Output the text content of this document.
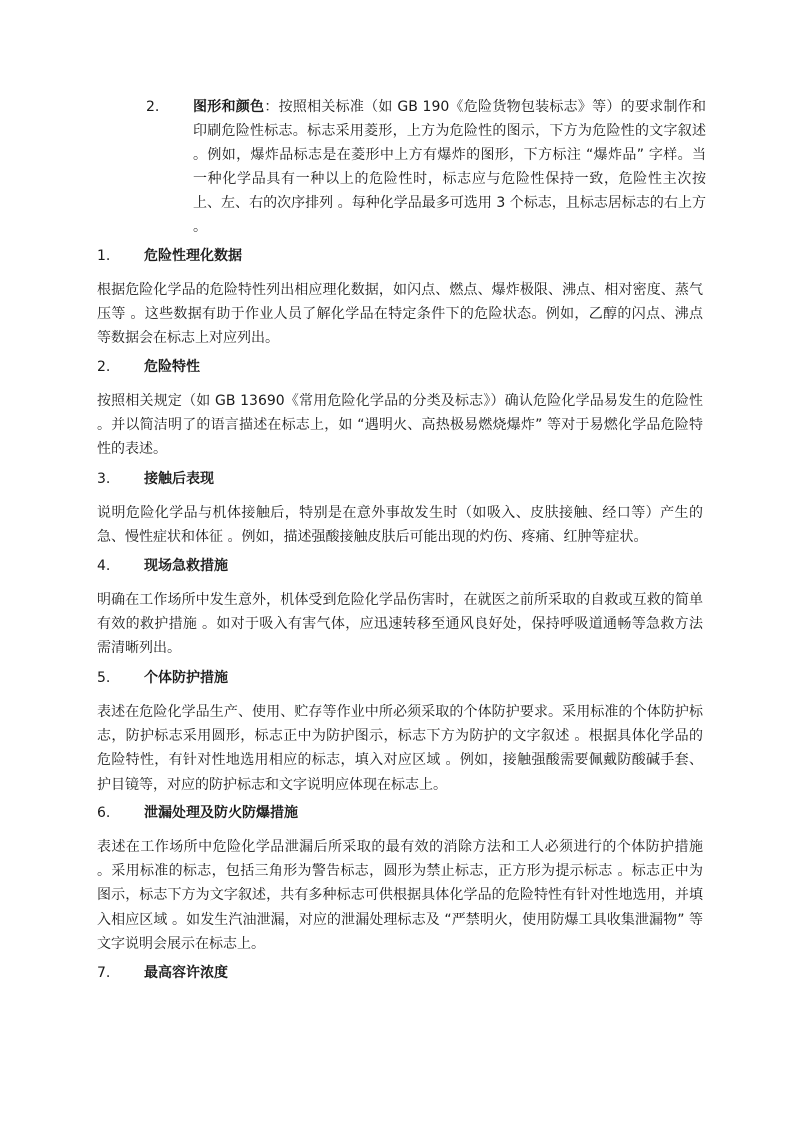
2. 图形和颜色：按照相关标准（如 GB 190《危险货物包装标志》等）的要求制作和印刷危险性标志。标志采用菱形，上方为危险性的图示，下方为危险性的文字叙述 。例如，爆炸品标志是在菱形中上方有爆炸的图形，下方标注 “爆炸品” 字样。当一种化学品具有一种以上的危险性时，标志应与危险性保持一致，危险性主次按上、左、右的次序排列 。每种化学品最多可选用 3 个标志，且标志居标志的右上方 。
1. 危险性理化数据
根据危险化学品的危险特性列出相应理化数据，如闪点、燃点、爆炸极限、沸点、相对密度、蒸气压等 。这些数据有助于作业人员了解化学品在特定条件下的危险状态。例如，乙醇的闪点、沸点等数据会在标志上对应列出。
2. 危险特性
按照相关规定（如 GB 13690《常用危险化学品的分类及标志》）确认危险化学品易发生的危险性 。并以简洁明了的语言描述在标志上，如 “遇明火、高热极易燃烧爆炸” 等对于易燃化学品危险特性的表述。
3. 接触后表现
说明危险化学品与机体接触后，特别是在意外事故发生时（如吸入、皮肤接触、经口等）产生的急、慢性症状和体征 。例如，描述强酸接触皮肤后可能出现的灼伤、疼痛、红肿等症状。
4. 现场急救措施
明确在工作场所中发生意外，机体受到危险化学品伤害时，在就医之前所采取的自救或互救的简单有效的救护措施 。如对于吸入有害气体，应迅速转移至通风良好处，保持呼吸道通畅等急救方法需清晰列出。
5. 个体防护措施
表述在危险化学品生产、使用、贮存等作业中所必须采取的个体防护要求。采用标准的个体防护标志，防护标志采用圆形，标志正中为防护图示，标志下方为防护的文字叙述 。根据具体化学品的危险特性，有针对性地选用相应的标志，填入对应区域 。例如，接触强酸需要佩戴防酸碱手套、护目镜等，对应的防护标志和文字说明应体现在标志上。
6. 泄漏处理及防火防爆措施
表述在工作场所中危险化学品泄漏后所采取的最有效的消除方法和工人必须进行的个体防护措施 。采用标准的标志，包括三角形为警告标志，圆形为禁止标志，正方形为提示标志 。标志正中为图示，标志下方为文字叙述，共有多种标志可供根据具体化学品的危险特性有针对性地选用，并填入相应区域 。如发生汽油泄漏，对应的泄漏处理标志及 “严禁明火，使用防爆工具收集泄漏物” 等文字说明会展示在标志上。
7. 最高容许浓度
